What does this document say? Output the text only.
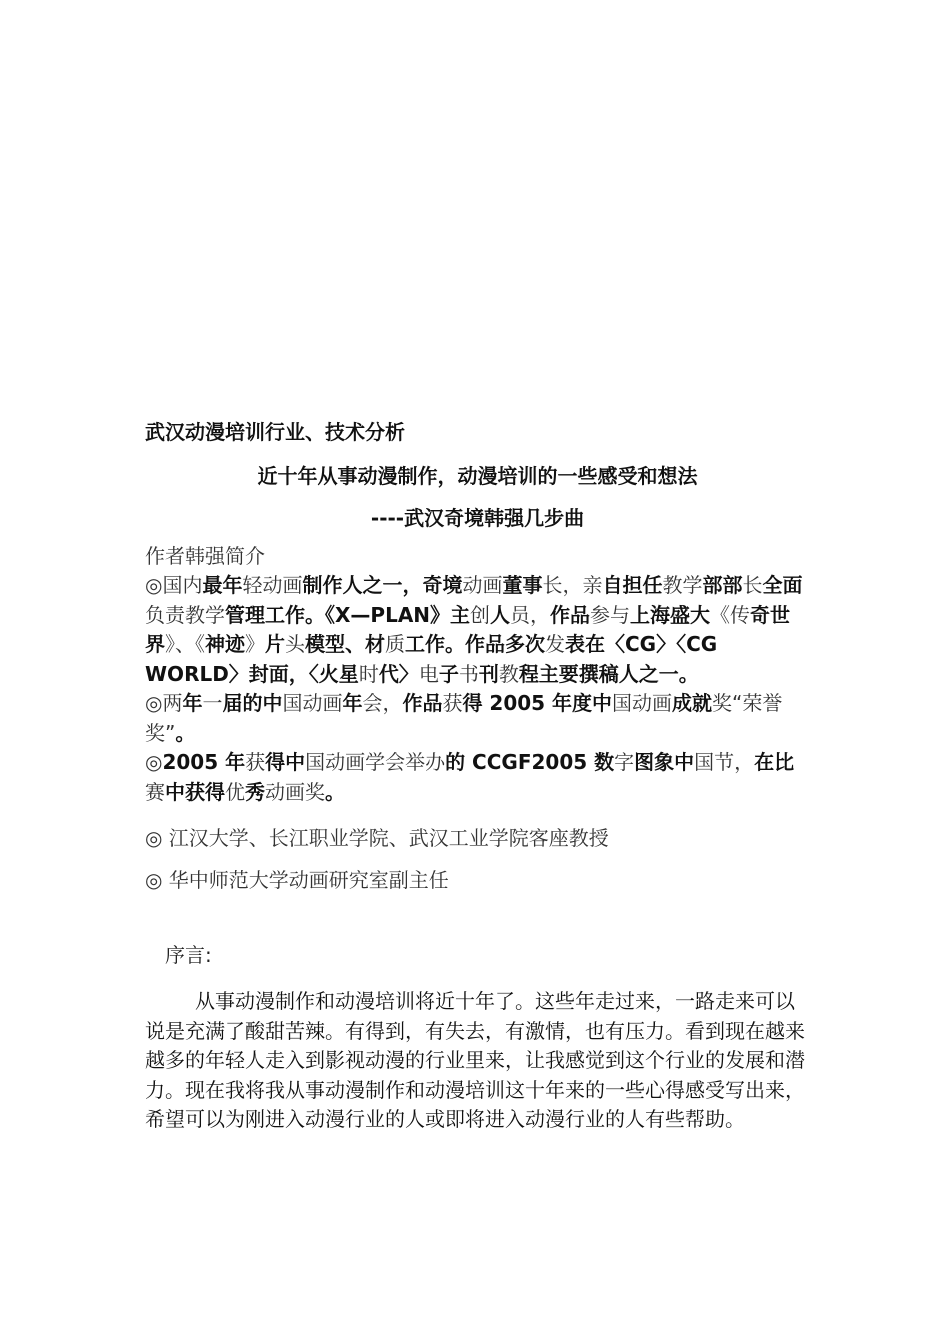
武汉动漫培训行业、技术分析
近十年从事动漫制作，动漫培训的一些感受和想法
----武汉奇境韩强几步曲
作者韩强简介

◎国内最年轻动画制作人之一，奇境动画董事长，亲自担任教学部部长全面负责教学管理工作。《X—PLAN》主创人员，作品参与上海盛大《传奇世界》、《神迹》片头模型、材质工作。作品多次发表在〈CG〉〈CG WORLD〉封面，〈火星时代〉电子书刊教程主要撰稿人之一。

◎两年一届的中国动画年会，作品获得 2005 年度中国动画成就奖“荣誉奖”。

◎2005 年获得中国动画学会举办的 CCGF2005 数字图象中国节，在比赛中获得优秀动画奖。

◎ 江汉大学、长江职业学院、武汉工业学院客座教授
◎ 华中师范大学动画研究室副主任
序言:

从事动漫制作和动漫培训将近十年了。这些年走过来，一路走来可以说是充满了酸甜苦辣。有得到，有失去，有激情，也有压力。看到现在越来越多的年轻人走入到影视动漫的行业里来，让我感觉到这个行业的发展和潜力。现在我将我从事动漫制作和动漫培训这十年来的一些心得感受写出来，希望可以为刚进入动漫行业的人或即将进入动漫行业的人有些帮助。
